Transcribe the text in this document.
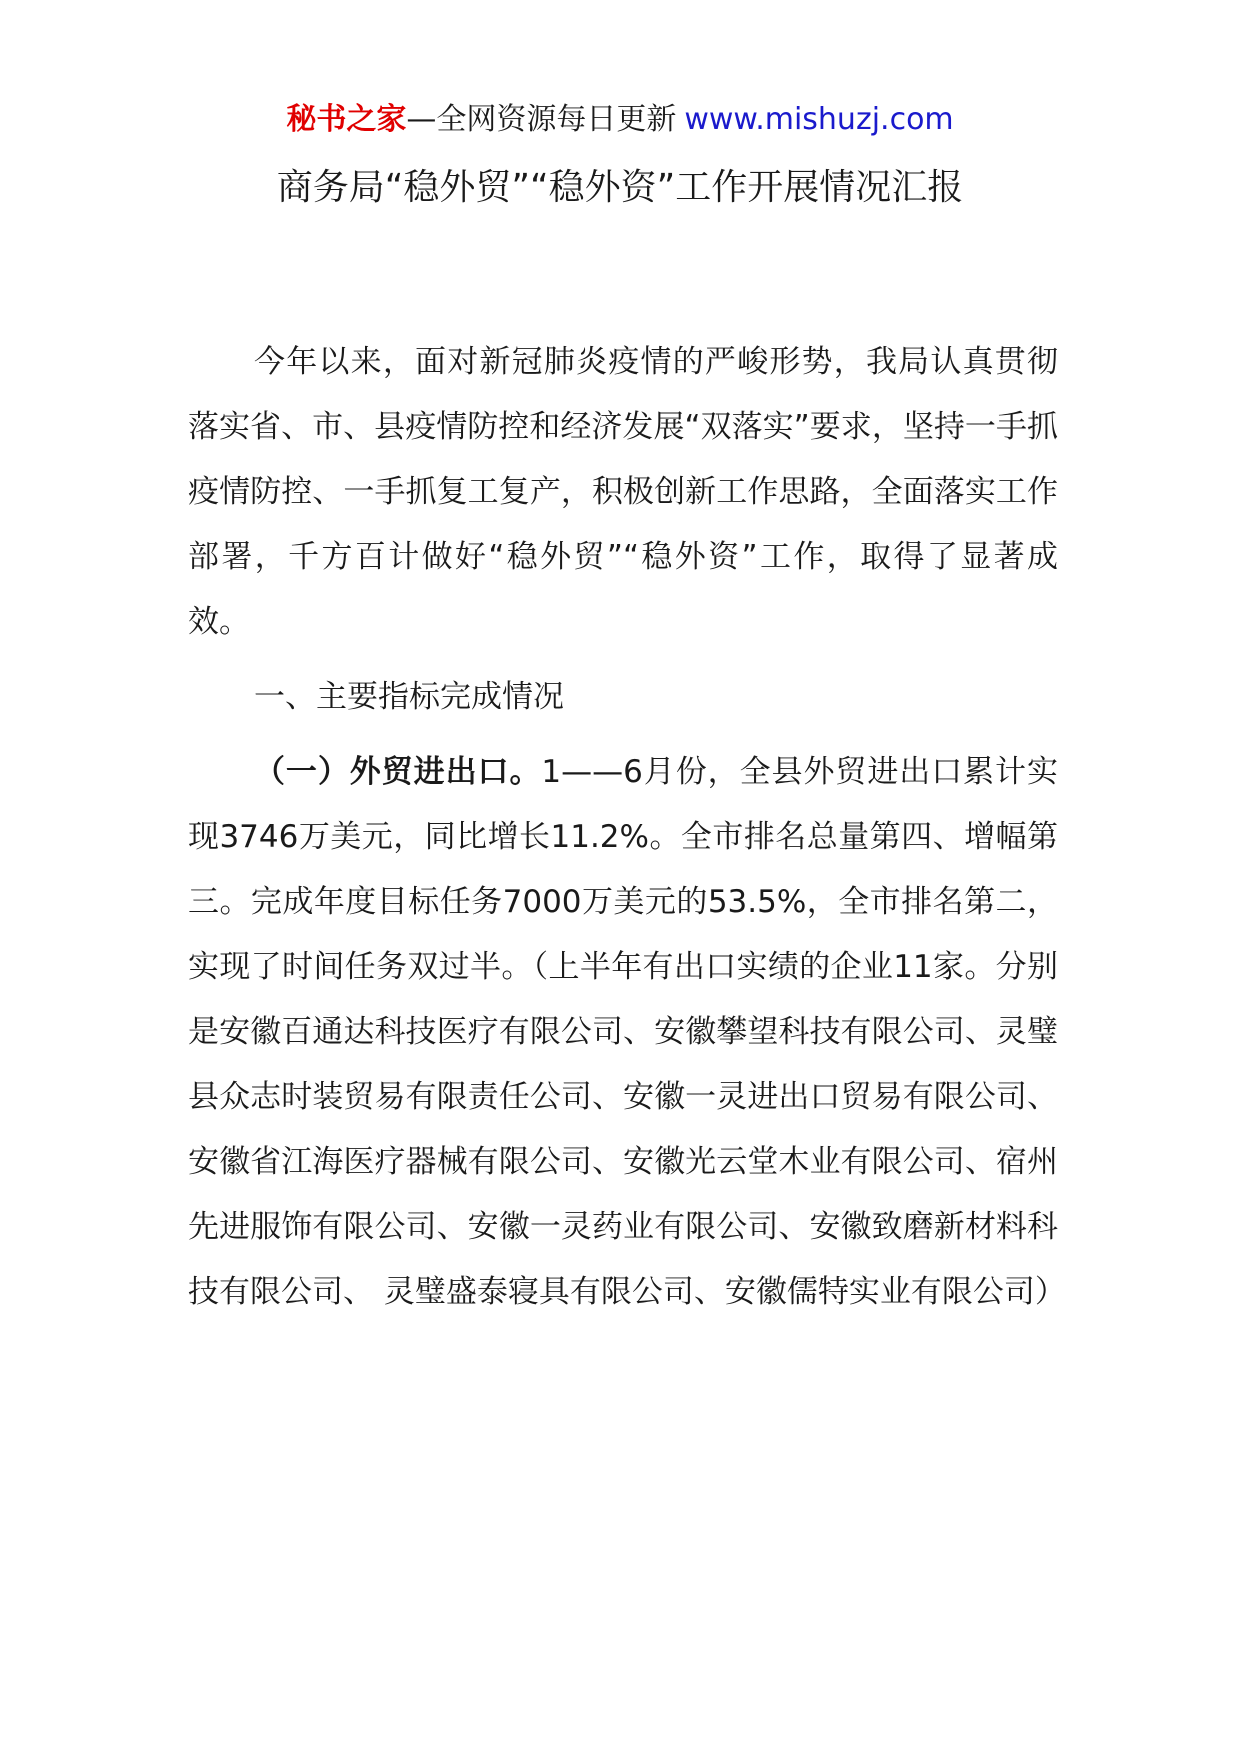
秘书之家—全网资源每日更新 www.mishuzj.com
商务局“稳外贸”“稳外资”工作开展情况汇报

今年以来，面对新冠肺炎疫情的严峻形势，我局认真贯彻落实省、市、县疫情防控和经济发展“双落实”要求，坚持一手抓疫情防控、一手抓复工复产，积极创新工作思路，全面落实工作部署，千方百计做好“稳外贸”“稳外资”工作，取得了显著成效。

一、主要指标完成情况

（一）外贸进出口。1——6月份，全县外贸进出口累计实现3746万美元，同比增长11.2%。全市排名总量第四、增幅第三。完成年度目标任务7000万美元的53.5%，全市排名第二，实现了时间任务双过半。（上半年有出口实绩的企业11家。分别是安徽百通达科技医疗有限公司、安徽攀望科技有限公司、灵璧县众志时装贸易有限责任公司、安徽一灵进出口贸易有限公司、安徽省江海医疗器械有限公司、安徽光云堂木业有限公司、宿州先进服饰有限公司、安徽一灵药业有限公司、安徽致磨新材料科技有限公司、 灵璧盛泰寝具有限公司、安徽儒特实业有限公司）
